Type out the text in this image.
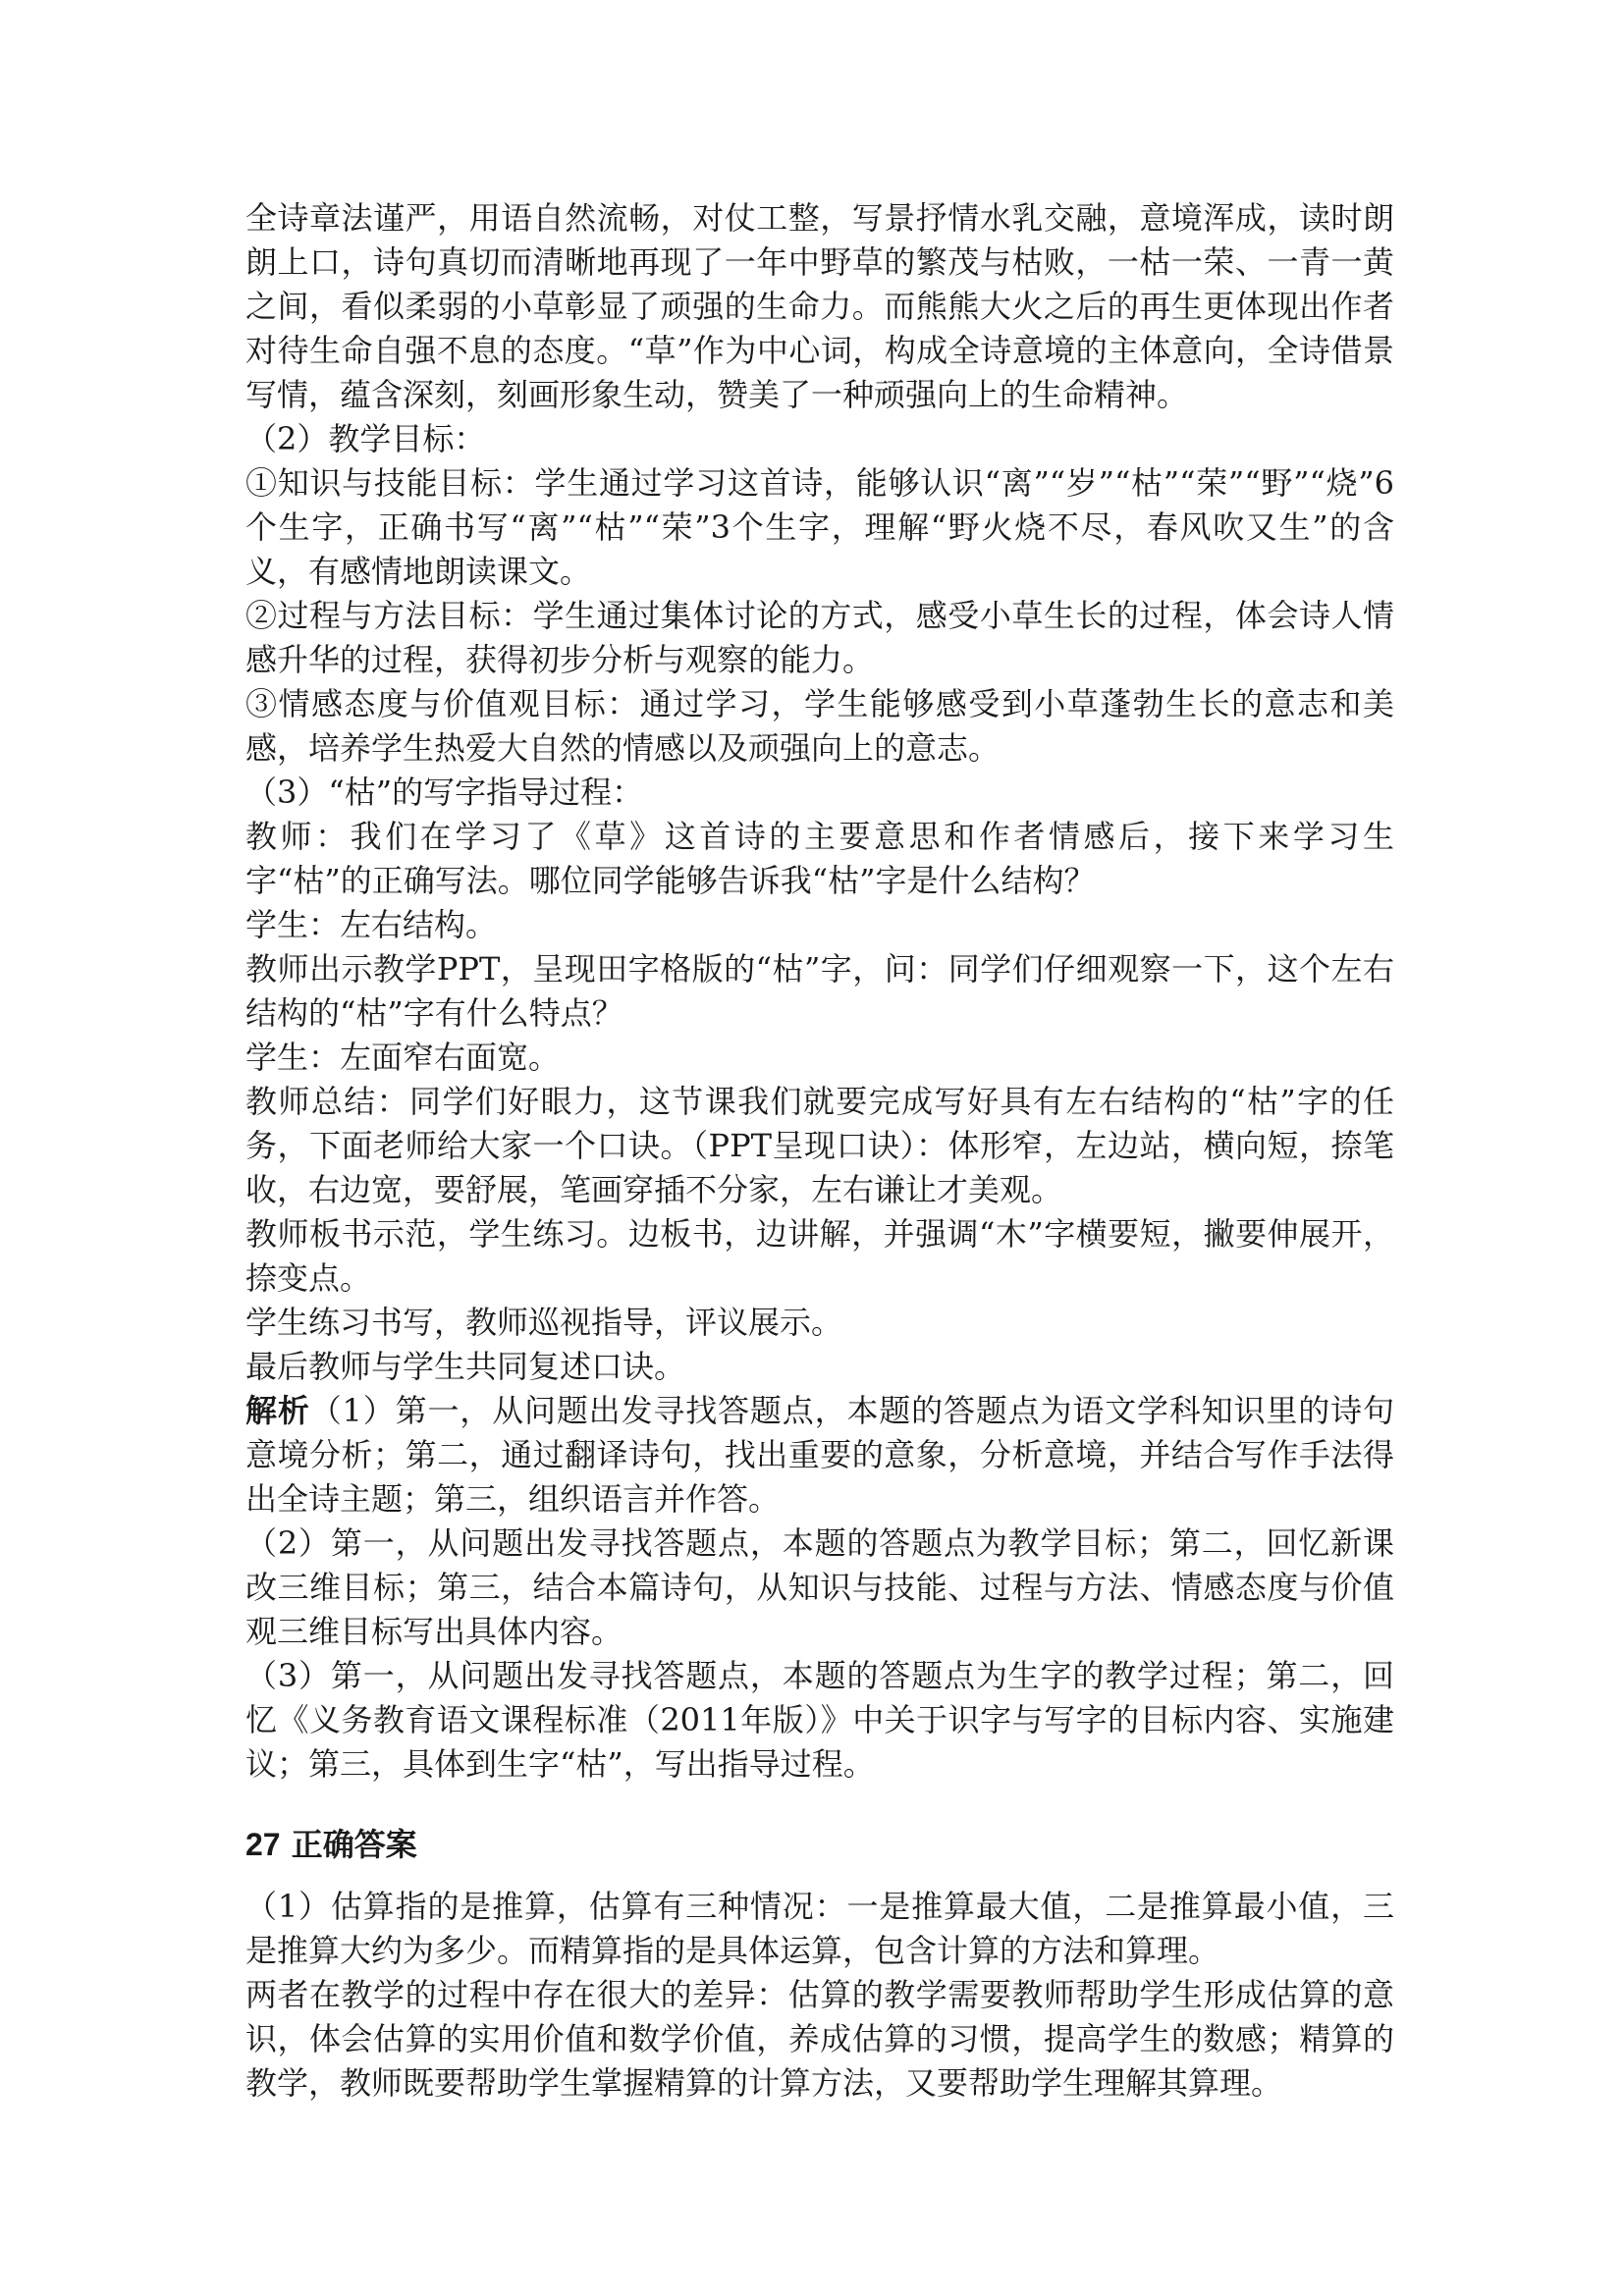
全诗章法谨严，用语自然流畅，对仗工整，写景抒情水乳交融，意境浑成，读时朗朗上口，诗句真切而清晰地再现了一年中野草的繁茂与枯败，一枯一荣、一青一黄之间，看似柔弱的小草彰显了顽强的生命力。而熊熊大火之后的再生更体现出作者对待生命自强不息的态度。“草”作为中心词，构成全诗意境的主体意向，全诗借景写情，蕴含深刻，刻画形象生动，赞美了一种顽强向上的生命精神。

（2）教学目标：

①知识与技能目标：学生通过学习这首诗，能够认识“离”“岁”“枯”“荣”“野”“烧”6个生字，正确书写“离”“枯”“荣”3个生字，理解“野火烧不尽，春风吹又生”的含义，有感情地朗读课文。

②过程与方法目标：学生通过集体讨论的方式，感受小草生长的过程，体会诗人情感升华的过程，获得初步分析与观察的能力。

③情感态度与价值观目标：通过学习，学生能够感受到小草蓬勃生长的意志和美感，培养学生热爱大自然的情感以及顽强向上的意志。

（3）“枯”的写字指导过程：

教师：我们在学习了《草》这首诗的主要意思和作者情感后，接下来学习生字“枯”的正确写法。哪位同学能够告诉我“枯”字是什么结构？

学生：左右结构。

教师出示教学PPT，呈现田字格版的“枯”字，问：同学们仔细观察一下，这个左右结构的“枯”字有什么特点？

学生：左面窄右面宽。

教师总结：同学们好眼力，这节课我们就要完成写好具有左右结构的“枯”字的任务，下面老师给大家一个口诀。（PPT呈现口诀）：体形窄，左边站，横向短，捺笔收，右边宽，要舒展，笔画穿插不分家，左右谦让才美观。

教师板书示范，学生练习。边板书，边讲解，并强调“木”字横要短，撇要伸展开，捺变点。

学生练习书写，教师巡视指导，评议展示。

最后教师与学生共同复述口诀。

解析（1）第一，从问题出发寻找答题点，本题的答题点为语文学科知识里的诗句意境分析；第二，通过翻译诗句，找出重要的意象，分析意境，并结合写作手法得出全诗主题；第三，组织语言并作答。

（2）第一，从问题出发寻找答题点，本题的答题点为教学目标；第二，回忆新课改三维目标；第三，结合本篇诗句，从知识与技能、过程与方法、情感态度与价值观三维目标写出具体内容。

（3）第一，从问题出发寻找答题点，本题的答题点为生字的教学过程；第二，回忆《义务教育语文课程标准（2011年版）》中关于识字与写字的目标内容、实施建议；第三，具体到生字“枯”，写出指导过程。

27 正确答案

（1）估算指的是推算，估算有三种情况：一是推算最大值，二是推算最小值，三是推算大约为多少。而精算指的是具体运算，包含计算的方法和算理。

两者在教学的过程中存在很大的差异：估算的教学需要教师帮助学生形成估算的意识，体会估算的实用价值和数学价值，养成估算的习惯，提高学生的数感；精算的教学，教师既要帮助学生掌握精算的计算方法，又要帮助学生理解其算理。
